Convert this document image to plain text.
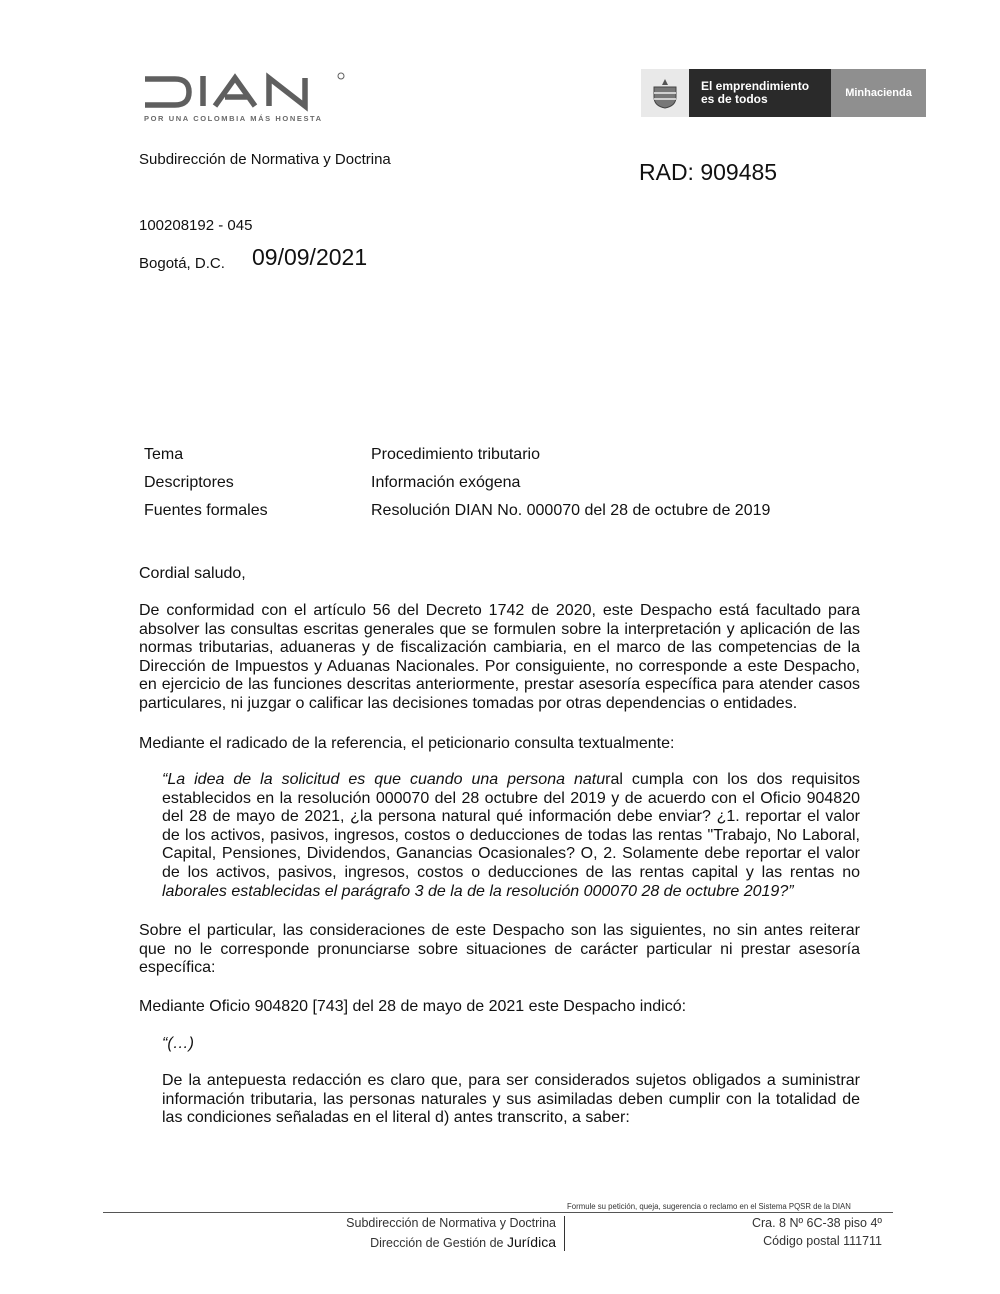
POR UNA COLOMBIA MÁS HONESTA
El emprendimiento
es de todos	Minhacienda
Subdirección de Normativa y Doctrina	RAD: 909485
100208192 - 045
Bogotá, D.C. 09/09/2021
Tema	Procedimiento tributario
Descriptores	Información exógena
Fuentes formales	Resolución DIAN No. 000070 del 28 de octubre de 2019

Cordial saludo,

De conformidad con el artículo 56 del Decreto 1742 de 2020, este Despacho está facultado para absolver las consultas escritas generales que se formulen sobre la interpretación y aplicación de las normas tributarias, aduaneras y de fiscalización cambiaria, en el marco de las competencias de la Dirección de Impuestos y Aduanas Nacionales. Por consiguiente, no corresponde a este Despacho, en ejercicio de las funciones descritas anteriormente, prestar asesoría específica para atender casos particulares, ni juzgar o calificar las decisiones tomadas por otras dependencias o entidades.

Mediante el radicado de la referencia, el peticionario consulta textualmente:

“La idea de la solicitud es que cuando una persona natural cumpla con los dos requisitos establecidos en la resolución 000070 del 28 octubre del 2019 y de acuerdo con el Oficio 904820 del 28 de mayo de 2021, ¿la persona natural qué información debe enviar? ¿1. reportar el valor de los activos, pasivos, ingresos, costos o deducciones de todas las rentas "Trabajo, No Laboral, Capital, Pensiones, Dividendos, Ganancias Ocasionales? O, 2. Solamente debe reportar el valor de los activos, pasivos, ingresos, costos o deducciones de las rentas capital y las rentas no laborales establecidas el parágrafo 3 de la de la resolución 000070 28 de octubre 2019?”

Sobre el particular, las consideraciones de este Despacho son las siguientes, no sin antes reiterar que no le corresponde pronunciarse sobre situaciones de carácter particular ni prestar asesoría específica:

Mediante Oficio 904820 [743] del 28 de mayo de 2021 este Despacho indicó:

“(…)

De la antepuesta redacción es claro que, para ser considerados sujetos obligados a suministrar información tributaria, las personas naturales y sus asimiladas deben cumplir con la totalidad de las condiciones señaladas en el literal d) antes transcrito, a saber:

Formule su petición, queja, sugerencia o reclamo en el Sistema PQSR de la DIAN
Subdirección de Normativa y Doctrina
Dirección de Gestión de Jurídica
Cra. 8 Nº 6C-38 piso 4º
Código postal 111711
